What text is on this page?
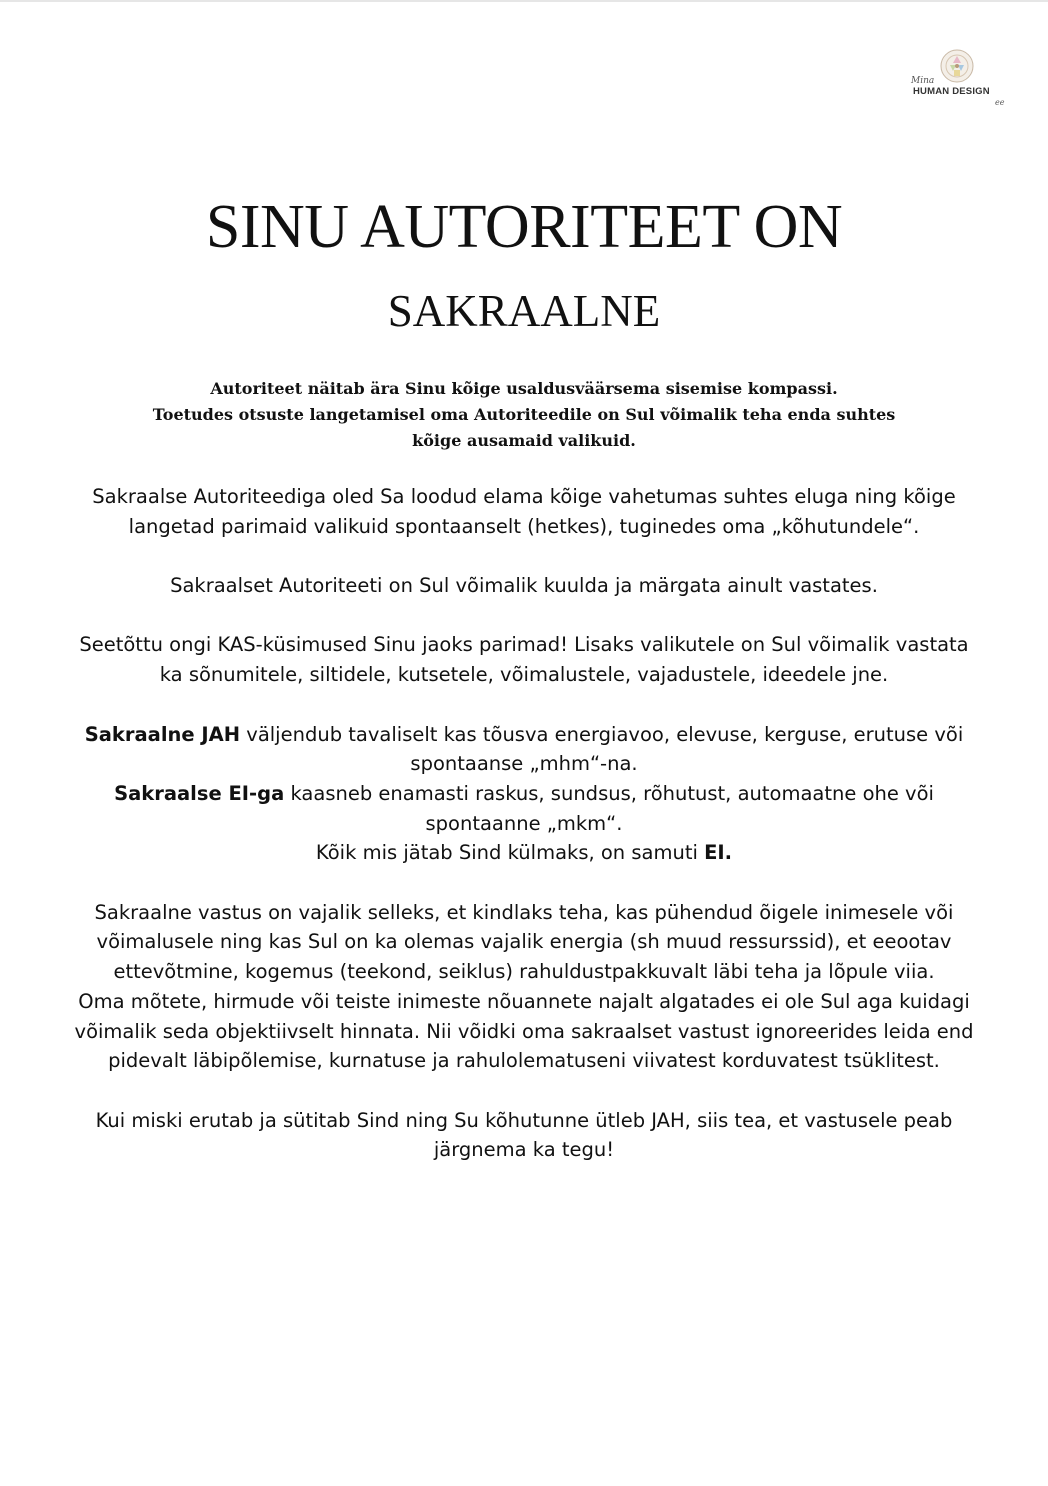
Mina
HUMAN DESIGN
ee
SINU AUTORITEET ON
SAKRAALNE
Autoriteet näitab ära Sinu kõige usaldusväärsema sisemise kompassi.
Toetudes otsuste langetamisel oma Autoriteedile on Sul võimalik teha enda suhtes
kõige ausamaid valikuid.

Sakraalse Autoriteediga oled Sa loodud elama kõige vahetumas suhtes eluga ning kõige langetad parimaid valikuid spontaanselt (hetkes), tuginedes oma „kõhutundele“.

Sakraalset Autoriteeti on Sul võimalik kuulda ja märgata ainult vastates.

Seetõttu ongi KAS-küsimused Sinu jaoks parimad! Lisaks valikutele on Sul võimalik vastata ka sõnumitele, siltidele, kutsetele, võimalustele, vajadustele, ideedele jne.

Sakraalne JAH väljendub tavaliselt kas tõusva energiavoo, elevuse, kerguse, erutuse või spontaanse „mhm“-na.

Sakraalse EI-ga kaasneb enamasti raskus, sundsus, rõhutust, automaatne ohe või spontaanne „mkm“.

Kõik mis jätab Sind külmaks, on samuti EI.

Sakraalne vastus on vajalik selleks, et kindlaks teha, kas pühendud õigele inimesele või võimalusele ning kas Sul on ka olemas vajalik energia (sh muud ressurssid), et eeootav ettevõtmine, kogemus (teekond, seiklus) rahuldustpakkuvalt läbi teha ja lõpule viia.

Oma mõtete, hirmude või teiste inimeste nõuannete najalt algatades ei ole Sul aga kuidagi võimalik seda objektiivselt hinnata. Nii võidki oma sakraalset vastust ignoreerides leida end pidevalt läbipõlemise, kurnatuse ja rahulolematuseni viivatest korduvatest tsüklitest.

Kui miski erutab ja sütitab Sind ning Su kõhutunne ütleb JAH, siis tea, et vastusele peab järgnema ka tegu!
